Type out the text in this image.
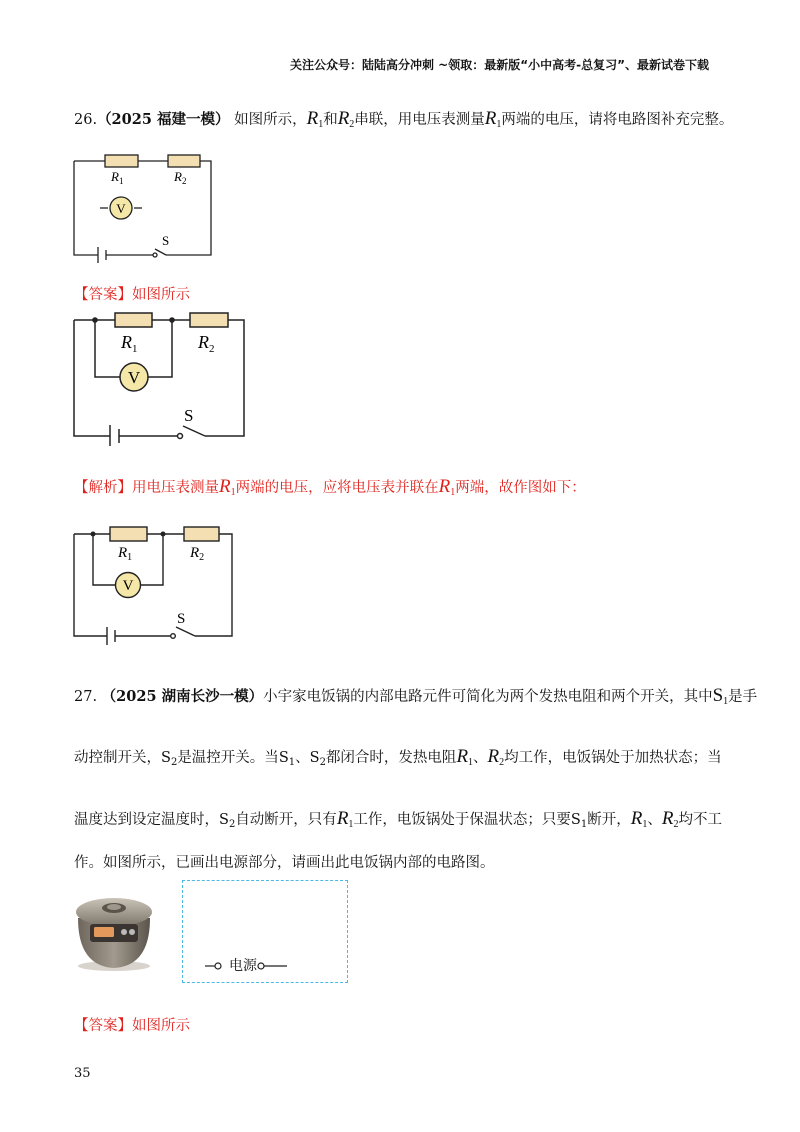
关注公众号：陆陆高分冲刺 ~领取：最新版“小中高考-总复习”、最新试卷下载
26.（2025 福建一模） 如图所示，$R_1$和$R_2$串联，用电压表测量$R_1$两端的电压，请将电路图补充完整。
V
$R_1$	$R_2$
S
【答案】如图所示
V
$R_1$	$R_2$
S
【解析】用电压表测量$R_1$两端的电压，应将电压表并联在$R_1$两端，故作图如下：
V
$R_1$	$R_2$
S
27. （2025 湖南长沙一模）小宇家电饭锅的内部电路元件可简化为两个发热电阻和两个开关，其中$S_1$是手
动控制开关，$S_2$是温控开关。当$S_1$、$S_2$都闭合时，发热电阻$R_1$、$R_2$均工作，电饭锅处于加热状态；当
温度达到设定温度时，$S_2$自动断开，只有$R_1$工作，电饭锅处于保温状态；只要$S_1$断开，$R_1$、$R_2$均不工
作。如图所示，已画出电源部分，请画出此电饭锅内部的电路图。
电源
【答案】如图所示
35
